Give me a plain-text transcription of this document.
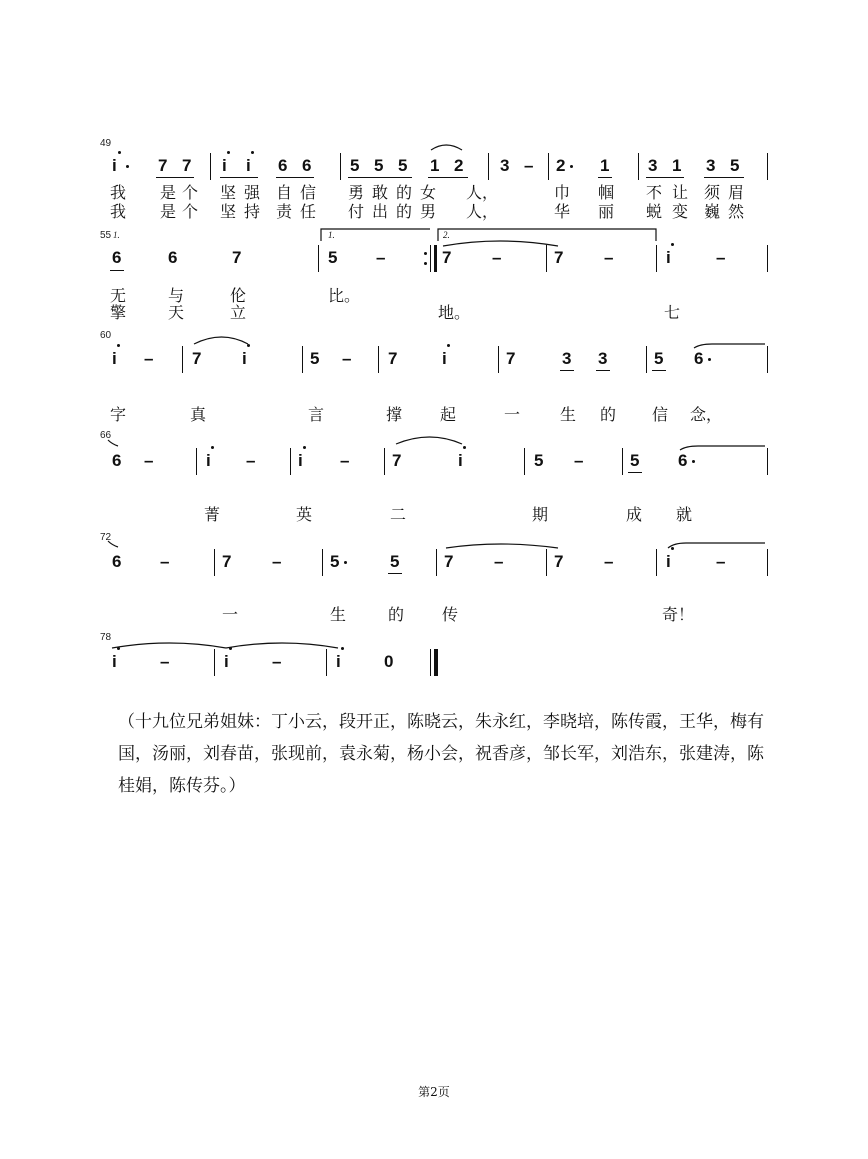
49
i 7 7 i i 6 6 5 5 5 1 2 3 – 2 1 3 1 3 5
我 是 个 坚 强 自 信 勇 敢 的 女 人，	巾 帼 不 让 须 眉
我 是 个 坚 持 责 任 付 出 的 男 人，	华 丽 蜕 变 巍 然
55 1.
6	6	7	5 –	7 –	7 –	i	–
1.	2.
无	与	伦	比。
擎	天	立	地。	七
60
i – 7 i	5 – 7	i	7	3 3	5 6
字	真	言	撑 起	一 生 的 信 念，
66
6 –	i –	i –	7	i	5 –	5 6
菁	英	二	期	成 就
72
6 –	7 –	5	5	7 –	7 –	i	–
一	生	的 传	奇！
78
i	–	i	–	i	0
（十九位兄弟姐妹：丁小云，段开正，陈晓云，朱永红，李晓培，陈传霞，王华，梅有国，汤丽，刘春苗，张现前，袁永菊，杨小会，祝香彦，邹长军，刘浩东，张建涛，陈桂娟，陈传芬。）
第2页
